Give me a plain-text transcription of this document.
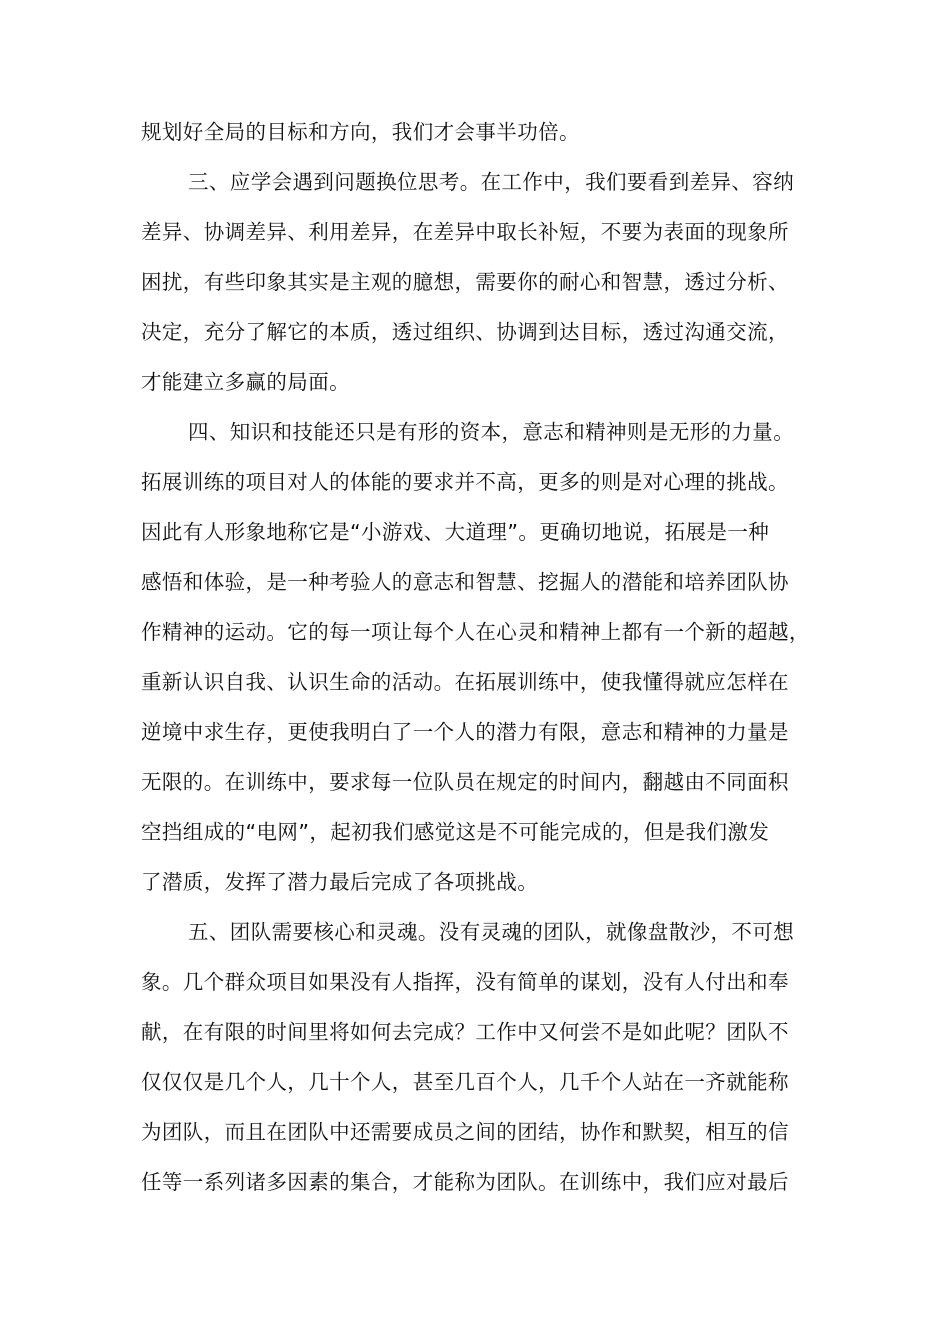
规划好全局的目标和方向，我们才会事半功倍。
三、应学会遇到问题换位思考。在工作中，我们要看到差异、容纳
差异、协调差异、利用差异，在差异中取长补短，不要为表面的现象所
困扰，有些印象其实是主观的臆想，需要你的耐心和智慧，透过分析、
决定，充分了解它的本质，透过组织、协调到达目标，透过沟通交流，
才能建立多赢的局面。
四、知识和技能还只是有形的资本，意志和精神则是无形的力量。
拓展训练的项目对人的体能的要求并不高，更多的则是对心理的挑战。
因此有人形象地称它是“小游戏、大道理”。更确切地说，拓展是一种
感悟和体验，是一种考验人的意志和智慧、挖掘人的潜能和培养团队协
作精神的运动。它的每一项让每个人在心灵和精神上都有一个新的超越，
重新认识自我、认识生命的活动。在拓展训练中，使我懂得就应怎样在
逆境中求生存，更使我明白了一个人的潜力有限，意志和精神的力量是
无限的。在训练中，要求每一位队员在规定的时间内，翻越由不同面积
空挡组成的“电网”，起初我们感觉这是不可能完成的，但是我们激发
了潜质，发挥了潜力最后完成了各项挑战。
五、团队需要核心和灵魂。没有灵魂的团队，就像盘散沙，不可想
象。几个群众项目如果没有人指挥，没有简单的谋划，没有人付出和奉
献，在有限的时间里将如何去完成？工作中又何尝不是如此呢？团队不
仅仅仅是几个人，几十个人，甚至几百个人，几千个人站在一齐就能称
为团队，而且在团队中还需要成员之间的团结，协作和默契，相互的信
任等一系列诸多因素的集合，才能称为团队。在训练中，我们应对最后
